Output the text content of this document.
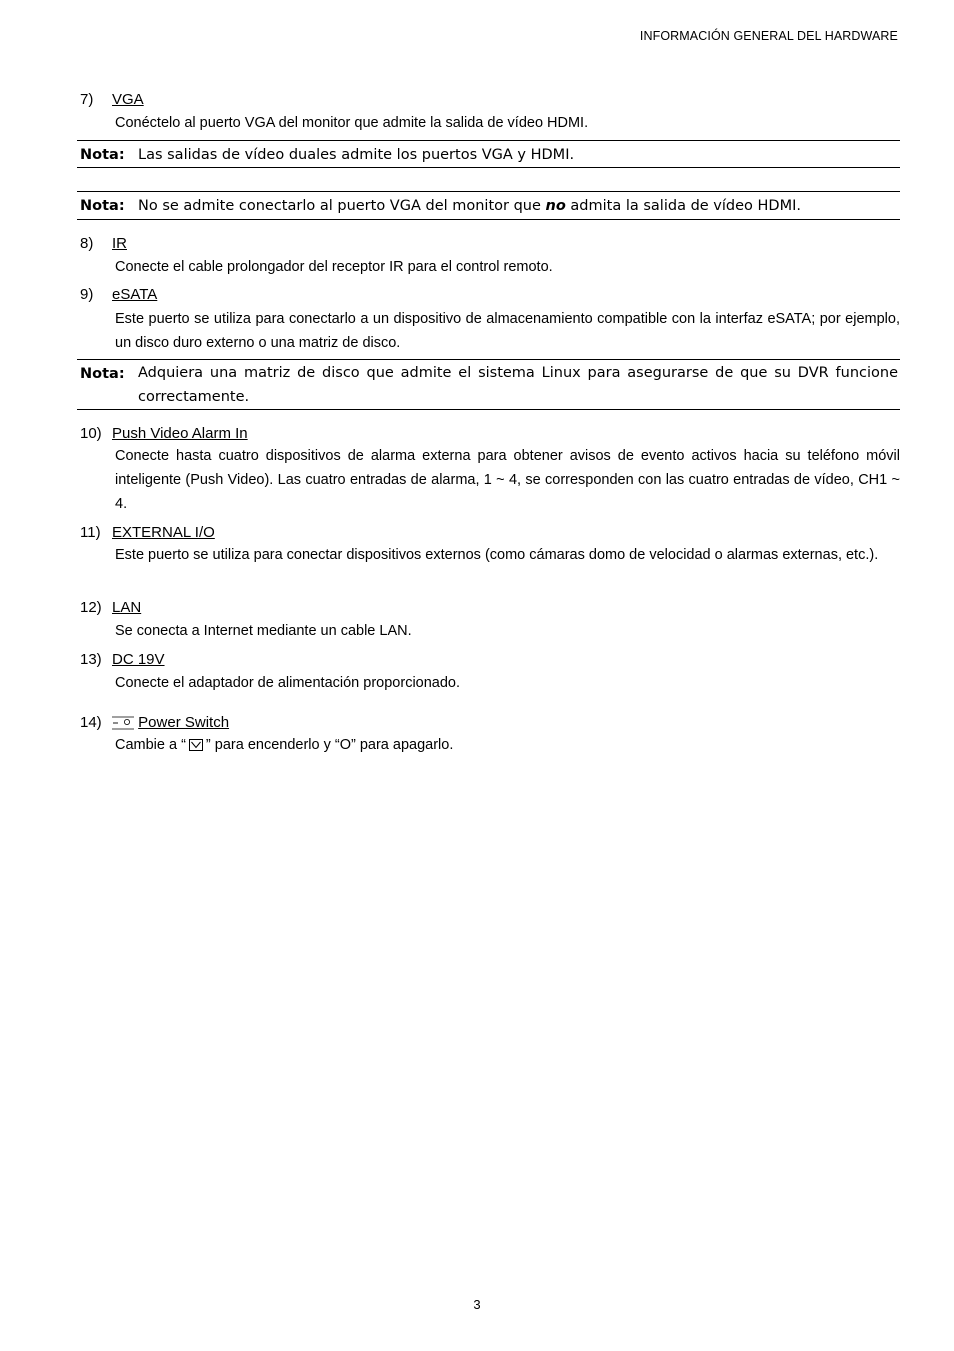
INFORMACIÓN GENERAL DEL HARDWARE
7) VGA
Conéctelo al puerto VGA del monitor que admite la salida de vídeo HDMI.
Nota: Las salidas de vídeo duales admite los puertos VGA y HDMI.
Nota: No se admite conectarlo al puerto VGA del monitor que no admita la salida de vídeo HDMI.
8) IR
Conecte el cable prolongador del receptor IR para el control remoto.
9) eSATA
Este puerto se utiliza para conectarlo a un dispositivo de almacenamiento compatible con la interfaz eSATA; por ejemplo, un disco duro externo o una matriz de disco.
Nota: Adquiera una matriz de disco que admite el sistema Linux para asegurarse de que su DVR funcione correctamente.
10) Push Video Alarm In
Conecte hasta cuatro dispositivos de alarma externa para obtener avisos de evento activos hacia su teléfono móvil inteligente (Push Video). Las cuatro entradas de alarma, 1 ~ 4, se corresponden con las cuatro entradas de vídeo, CH1 ~ 4.
11) EXTERNAL I/O
Este puerto se utiliza para conectar dispositivos externos (como cámaras domo de velocidad o alarmas externas, etc.).
12) LAN
Se conecta a Internet mediante un cable LAN.
13) DC 19V
Conecte el adaptador de alimentación proporcionado.
14)	Power Switch
Cambie a “ ” para encenderlo y “O” para apagarlo.
3
